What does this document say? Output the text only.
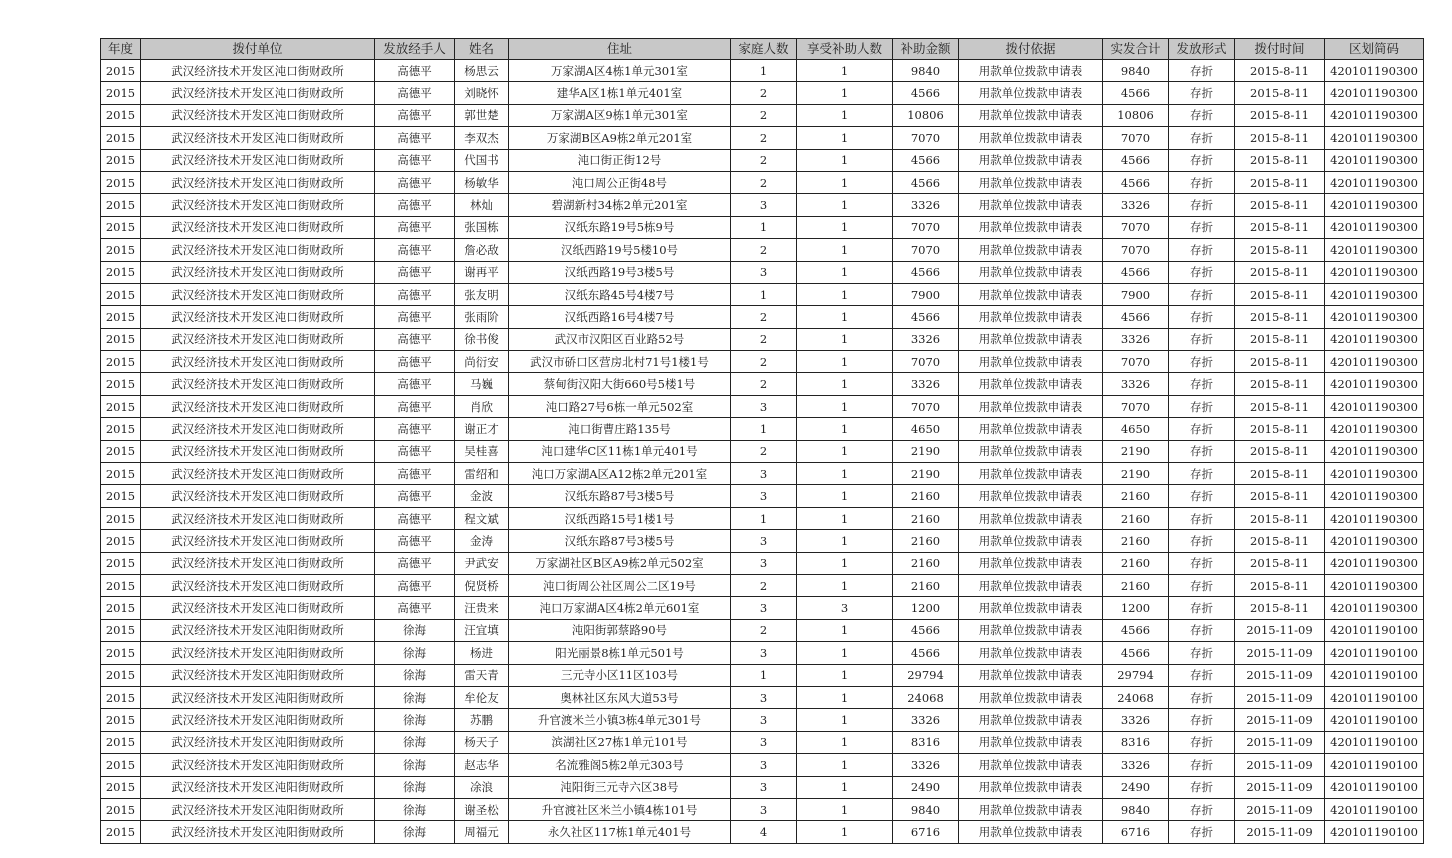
年度	拨付单位	发放经手人	姓名	住址	家庭人数	享受补助人数	补助金额	拨付依据	实发合计	发放形式	拨付时间	区划简码
2015	武汉经济技术开发区沌口街财政所	高德平	杨思云	万家湖A区4栋1单元301室	1	1	9840	用款单位拨款申请表	9840	存折	2015-8-11	420101190300
2015	武汉经济技术开发区沌口街财政所	高德平	刘晓怀	建华A区1栋1单元401室	2	1	4566	用款单位拨款申请表	4566	存折	2015-8-11	420101190300
2015	武汉经济技术开发区沌口街财政所	高德平	郭世楚	万家湖A区9栋1单元301室	2	1	10806	用款单位拨款申请表	10806	存折	2015-8-11	420101190300
2015	武汉经济技术开发区沌口街财政所	高德平	李双杰	万家湖B区A9栋2单元201室	2	1	7070	用款单位拨款申请表	7070	存折	2015-8-11	420101190300
2015	武汉经济技术开发区沌口街财政所	高德平	代国书	沌口街正街12号	2	1	4566	用款单位拨款申请表	4566	存折	2015-8-11	420101190300
2015	武汉经济技术开发区沌口街财政所	高德平	杨敏华	沌口周公正街48号	2	1	4566	用款单位拨款申请表	4566	存折	2015-8-11	420101190300
2015	武汉经济技术开发区沌口街财政所	高德平	林灿	碧湖新村34栋2单元201室	3	1	3326	用款单位拨款申请表	3326	存折	2015-8-11	420101190300
2015	武汉经济技术开发区沌口街财政所	高德平	张国栋	汉纸东路19号5栋9号	1	1	7070	用款单位拨款申请表	7070	存折	2015-8-11	420101190300
2015	武汉经济技术开发区沌口街财政所	高德平	詹必敌	汉纸西路19号5楼10号	2	1	7070	用款单位拨款申请表	7070	存折	2015-8-11	420101190300
2015	武汉经济技术开发区沌口街财政所	高德平	谢再平	汉纸西路19号3楼5号	3	1	4566	用款单位拨款申请表	4566	存折	2015-8-11	420101190300
2015	武汉经济技术开发区沌口街财政所	高德平	张友明	汉纸东路45号4楼7号	1	1	7900	用款单位拨款申请表	7900	存折	2015-8-11	420101190300
2015	武汉经济技术开发区沌口街财政所	高德平	张雨阶	汉纸西路16号4楼7号	2	1	4566	用款单位拨款申请表	4566	存折	2015-8-11	420101190300
2015	武汉经济技术开发区沌口街财政所	高德平	徐书俊	武汉市汉阳区百业路52号	2	1	3326	用款单位拨款申请表	3326	存折	2015-8-11	420101190300
2015	武汉经济技术开发区沌口街财政所	高德平	尚衍安	武汉市硚口区营房北村71号1楼1号	2	1	7070	用款单位拨款申请表	7070	存折	2015-8-11	420101190300
2015	武汉经济技术开发区沌口街财政所	高德平	马巍	蔡甸街汉阳大街660号5楼1号	2	1	3326	用款单位拨款申请表	3326	存折	2015-8-11	420101190300
2015	武汉经济技术开发区沌口街财政所	高德平	肖欣	沌口路27号6栋一单元502室	3	1	7070	用款单位拨款申请表	7070	存折	2015-8-11	420101190300
2015	武汉经济技术开发区沌口街财政所	高德平	谢正才	沌口街曹庄路135号	1	1	4650	用款单位拨款申请表	4650	存折	2015-8-11	420101190300
2015	武汉经济技术开发区沌口街财政所	高德平	吴桂喜	沌口建华C区11栋1单元401号	2	1	2190	用款单位拨款申请表	2190	存折	2015-8-11	420101190300
2015	武汉经济技术开发区沌口街财政所	高德平	雷绍和	沌口万家湖A区A12栋2单元201室	3	1	2190	用款单位拨款申请表	2190	存折	2015-8-11	420101190300
2015	武汉经济技术开发区沌口街财政所	高德平	金波	汉纸东路87号3楼5号	3	1	2160	用款单位拨款申请表	2160	存折	2015-8-11	420101190300
2015	武汉经济技术开发区沌口街财政所	高德平	程文斌	汉纸西路15号1楼1号	1	1	2160	用款单位拨款申请表	2160	存折	2015-8-11	420101190300
2015	武汉经济技术开发区沌口街财政所	高德平	金涛	汉纸东路87号3楼5号	3	1	2160	用款单位拨款申请表	2160	存折	2015-8-11	420101190300
2015	武汉经济技术开发区沌口街财政所	高德平	尹武安	万家湖社区B区A9栋2单元502室	3	1	2160	用款单位拨款申请表	2160	存折	2015-8-11	420101190300
2015	武汉经济技术开发区沌口街财政所	高德平	倪贤桥	沌口街周公社区周公二区19号	2	1	2160	用款单位拨款申请表	2160	存折	2015-8-11	420101190300
2015	武汉经济技术开发区沌口街财政所	高德平	汪贵来	沌口万家湖A区4栋2单元601室	3	3	1200	用款单位拨款申请表	1200	存折	2015-8-11	420101190300
2015	武汉经济技术开发区沌阳街财政所	徐海	汪宜填	沌阳街郭蔡路90号	2	1	4566	用款单位拨款申请表	4566	存折	2015-11-09	420101190100
2015	武汉经济技术开发区沌阳街财政所	徐海	杨进	阳光丽景8栋1单元501号	3	1	4566	用款单位拨款申请表	4566	存折	2015-11-09	420101190100
2015	武汉经济技术开发区沌阳街财政所	徐海	雷天青	三元寺小区11区103号	1	1	29794	用款单位拨款申请表	29794	存折	2015-11-09	420101190100
2015	武汉经济技术开发区沌阳街财政所	徐海	牟伦友	奥林社区东风大道53号	3	1	24068	用款单位拨款申请表	24068	存折	2015-11-09	420101190100
2015	武汉经济技术开发区沌阳街财政所	徐海	苏鹏	升官渡米兰小镇3栋4单元301号	3	1	3326	用款单位拨款申请表	3326	存折	2015-11-09	420101190100
2015	武汉经济技术开发区沌阳街财政所	徐海	杨天子	滨湖社区27栋1单元101号	3	1	8316	用款单位拨款申请表	8316	存折	2015-11-09	420101190100
2015	武汉经济技术开发区沌阳街财政所	徐海	赵志华	名流雅阁5栋2单元303号	3	1	3326	用款单位拨款申请表	3326	存折	2015-11-09	420101190100
2015	武汉经济技术开发区沌阳街财政所	徐海	凃浪	沌阳街三元寺六区38号	3	1	2490	用款单位拨款申请表	2490	存折	2015-11-09	420101190100
2015	武汉经济技术开发区沌阳街财政所	徐海	谢圣松	升官渡社区米兰小镇4栋101号	3	1	9840	用款单位拨款申请表	9840	存折	2015-11-09	420101190100
2015	武汉经济技术开发区沌阳街财政所	徐海	周福元	永久社区117栋1单元401号	4	1	6716	用款单位拨款申请表	6716	存折	2015-11-09	420101190100
